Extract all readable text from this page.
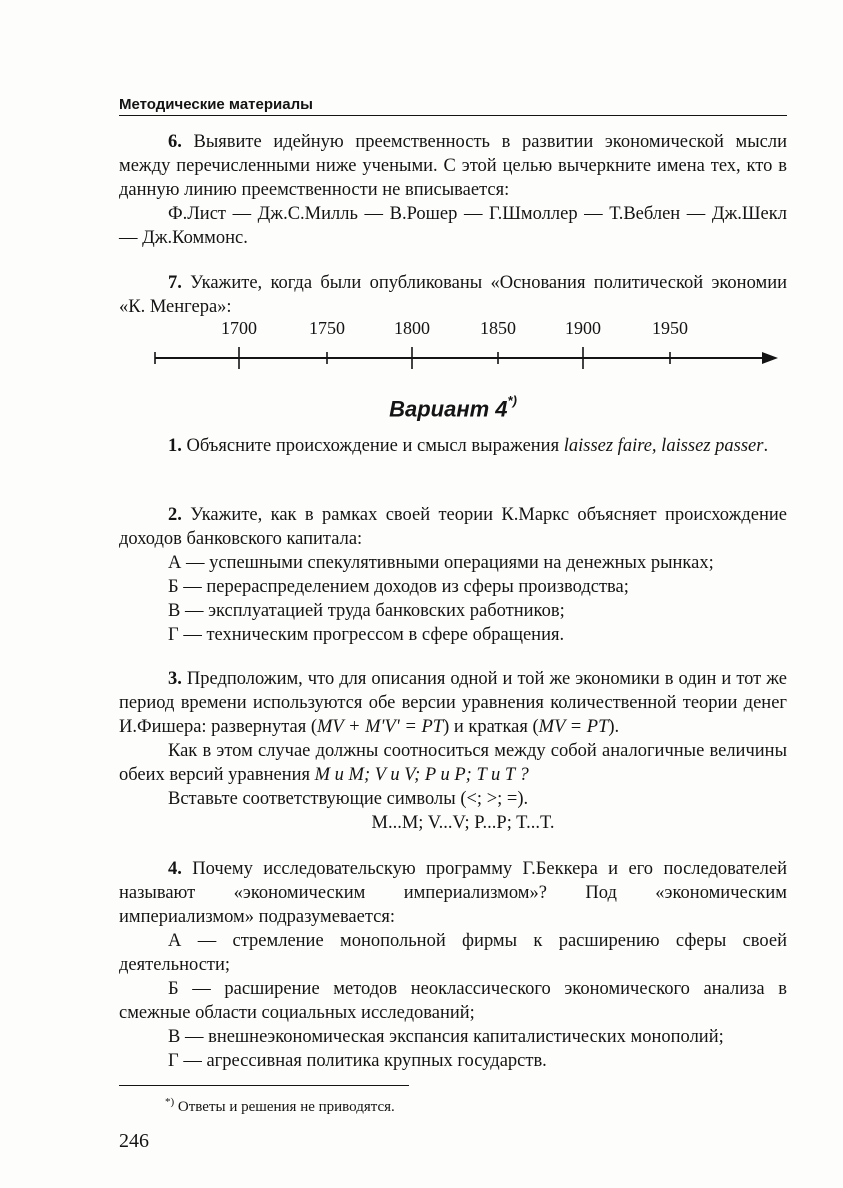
Методические материалы

6. Выявите идейную преемственность в развитии экономической мысли между перечисленными ниже учеными. С этой целью вычеркните имена тех, кто в данную линию преемственности не вписывается:

Ф.Лист — Дж.С.Милль — В.Рошер — Г.Шмоллер — Т.Веблен — Дж.Шекл — Дж.Коммонс.

7. Укажите, когда были опубликованы «Основания политической экономии «К. Менгера»:

1700	1750	1800	1850	1900	1950
Вариант 4*)

1. Объясните происхождение и смысл выражения laissez faire, laissez passer.

2. Укажите, как в рамках своей теории К.Маркс объясняет происхождение доходов банковского капитала:

А — успешными спекулятивными операциями на денежных рынках;

Б — перераспределением доходов из сферы производства;

В — эксплуатацией труда банковских работников;

Г — техническим прогрессом в сфере обращения.

3. Предположим, что для описания одной и той же экономики в один и тот же период времени используются обе версии уравнения количественной теории денег И.Фишера: развернутая (MV + M'V' = PT) и краткая (MV = PT).

Как в этом случае должны соотноситься между собой аналогичные величины обеих версий уравнения M и M; V и V; P и P; T и T ?

Вставьте соответствующие символы (<; >; =).

M...M; V...V; P...P; T...T.

4. Почему исследовательскую программу Г.Беккера и его последователей называют «экономическим империализмом»? Под «экономическим империализмом» подразумевается:

А — стремление монопольной фирмы к расширению сферы своей деятельности;

Б — расширение методов неоклассического экономического анализа в смежные области социальных исследований;

В — внешнеэкономическая экспансия капиталистических монополий;

Г — агрессивная политика крупных государств.

*) Ответы и решения не приводятся.
246
